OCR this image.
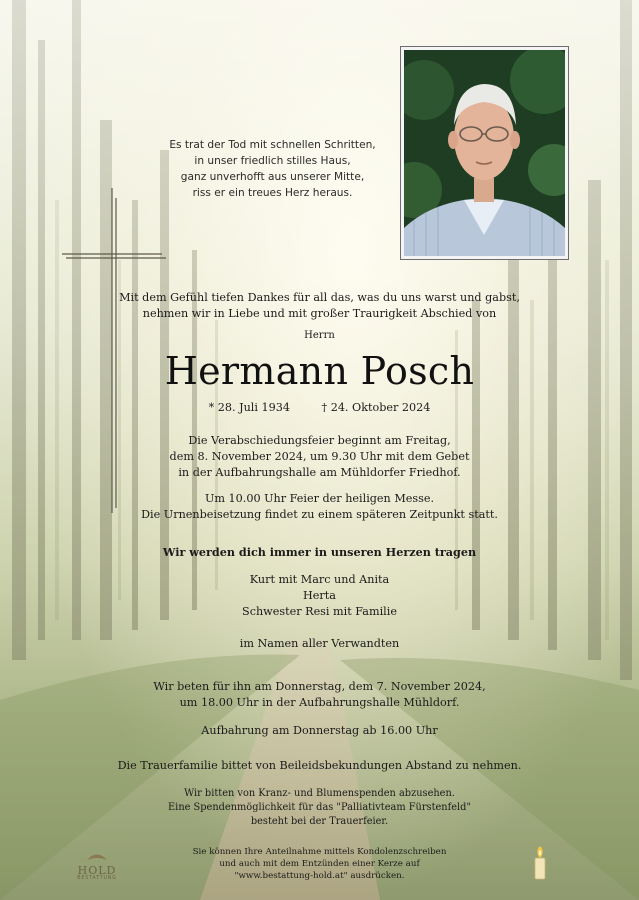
Es trat der Tod mit schnellen Schritten,
in unser friedlich stilles Haus,
ganz unverhofft aus unserer Mitte,
riss er ein treues Herz heraus.
Mit dem Gefühl tiefen Dankes für all das, was du uns warst und gabst,
nehmen wir in Liebe und mit großer Traurigkeit Abschied von
Herrn
Hermann Posch
* 28. Juli 1934	† 24. Oktober 2024
Die Verabschiedungsfeier beginnt am Freitag,
dem 8. November 2024, um 9.30 Uhr mit dem Gebet
in der Aufbahrungshalle am Mühldorfer Friedhof.
Um 10.00 Uhr Feier der heiligen Messe.
Die Urnenbeisetzung findet zu einem späteren Zeitpunkt statt.
Wir werden dich immer in unseren Herzen tragen
Kurt mit Marc und Anita
Herta
Schwester Resi mit Familie
im Namen aller Verwandten
Wir beten für ihn am Donnerstag, dem 7. November 2024,
um 18.00 Uhr in der Aufbahrungshalle Mühldorf.
Aufbahrung am Donnerstag ab 16.00 Uhr
Die Trauerfamilie bittet von Beileidsbekundungen Abstand zu nehmen.
Wir bitten von Kranz- und Blumenspenden abzusehen.
Eine Spendenmöglichkeit für das "Palliativteam Fürstenfeld"
besteht bei der Trauerfeier.
Sie können Ihre Anteilnahme mittels Kondolenzschreiben
und auch mit dem Entzünden einer Kerze auf
"www.bestattung-hold.at" ausdrücken.
HOLD
BESTATTUNG
